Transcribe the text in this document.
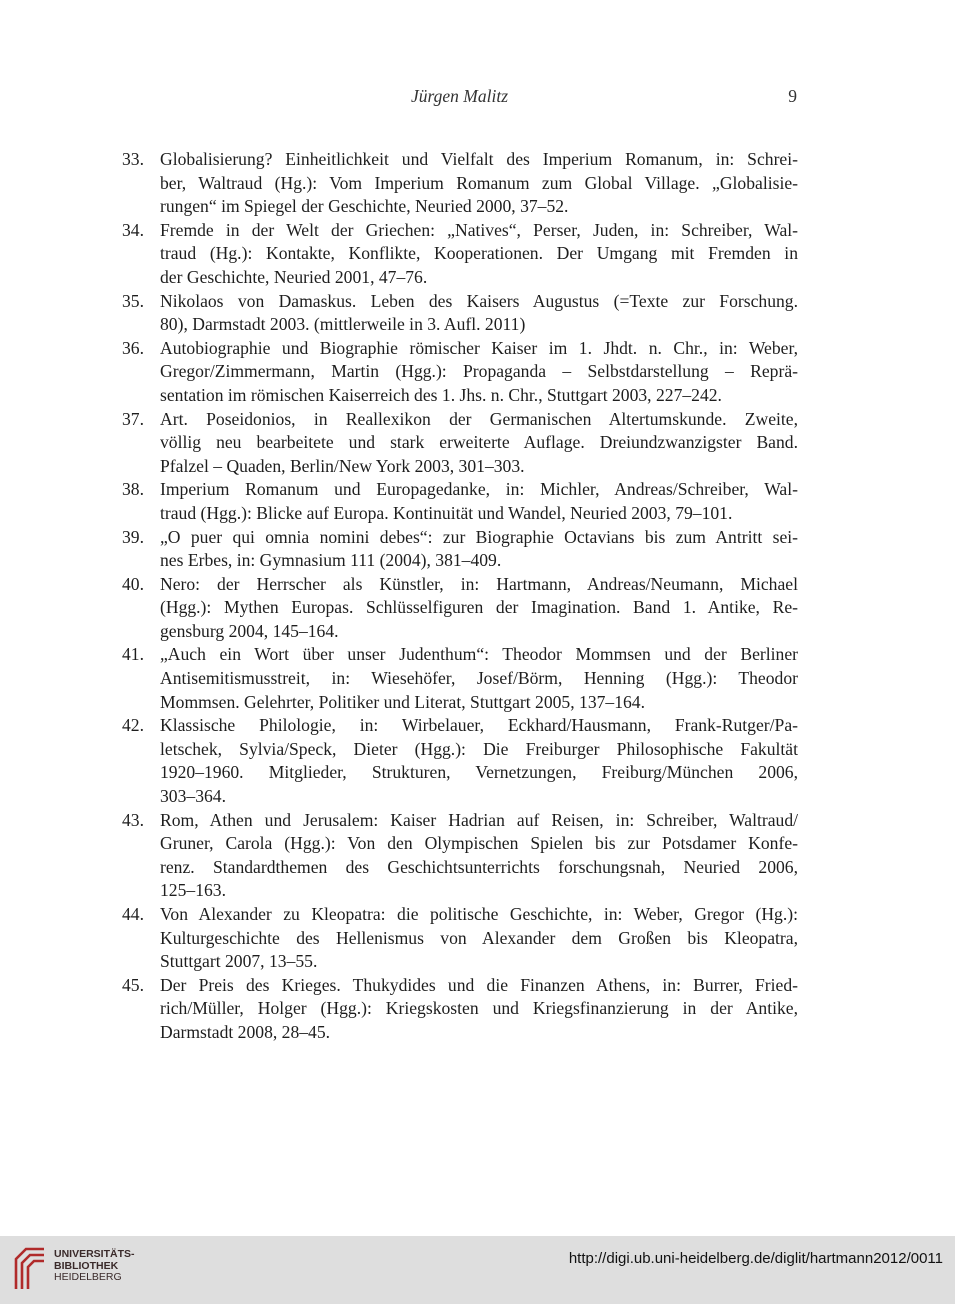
Jürgen Malitz	9
33. Globalisierung? Einheitlichkeit und Vielfalt des Imperium Romanum, in: Schrei-
ber, Waltraud (Hg.): Vom Imperium Romanum zum Global Village. „Globalisie-
rungen“ im Spiegel der Geschichte, Neuried 2000, 37–52.
34. Fremde in der Welt der Griechen: „Natives“, Perser, Juden, in: Schreiber, Wal-
traud (Hg.): Kontakte, Konflikte, Kooperationen. Der Umgang mit Fremden in
der Geschichte, Neuried 2001, 47–76.
35. Nikolaos von Damaskus. Leben des Kaisers Augustus (=Texte zur Forschung.
80), Darmstadt 2003. (mittlerweile in 3. Aufl. 2011)
36. Autobiographie und Biographie römischer Kaiser im 1. Jhdt. n. Chr., in: Weber,
Gregor/Zimmermann, Martin (Hgg.): Propaganda – Selbstdarstellung – Reprä-
sentation im römischen Kaiserreich des 1. Jhs. n. Chr., Stuttgart 2003, 227–242.
37. Art. Poseidonios, in Reallexikon der Germanischen Altertumskunde. Zweite,
völlig neu bearbeitete und stark erweiterte Auflage. Dreiundzwanzigster Band.
Pfalzel – Quaden, Berlin/New York 2003, 301–303.
38. Imperium Romanum und Europagedanke, in: Michler, Andreas/Schreiber, Wal-
traud (Hgg.): Blicke auf Europa. Kontinuität und Wandel, Neuried 2003, 79–101.
39. „O puer qui omnia nomini debes“: zur Biographie Octavians bis zum Antritt sei-
nes Erbes, in: Gymnasium 111 (2004), 381–409.
40. Nero: der Herrscher als Künstler, in: Hartmann, Andreas/Neumann, Michael
(Hgg.): Mythen Europas. Schlüsselfiguren der Imagination. Band 1. Antike, Re-
gensburg 2004, 145–164.
41. „Auch ein Wort über unser Judenthum“: Theodor Mommsen und der Berliner
Antisemitismusstreit, in: Wiesehöfer, Josef/Börm, Henning (Hgg.): Theodor
Mommsen. Gelehrter, Politiker und Literat, Stuttgart 2005, 137–164.
42. Klassische Philologie, in: Wirbelauer, Eckhard/Hausmann, Frank-Rutger/Pa-
letschek, Sylvia/Speck, Dieter (Hgg.): Die Freiburger Philosophische Fakultät
1920–1960. Mitglieder, Strukturen, Vernetzungen, Freiburg/München 2006,
303–364.
43. Rom, Athen und Jerusalem: Kaiser Hadrian auf Reisen, in: Schreiber, Waltraud/
Gruner, Carola (Hgg.): Von den Olympischen Spielen bis zur Potsdamer Konfe-
renz. Standardthemen des Geschichtsunterrichts forschungsnah, Neuried 2006,
125–163.
44. Von Alexander zu Kleopatra: die politische Geschichte, in: Weber, Gregor (Hg.):
Kulturgeschichte des Hellenismus von Alexander dem Großen bis Kleopatra,
Stuttgart 2007, 13–55.
45. Der Preis des Krieges. Thukydides und die Finanzen Athens, in: Burrer, Fried-
rich/Müller, Holger (Hgg.): Kriegskosten und Kriegsfinanzierung in der Antike,
Darmstadt 2008, 28–45.
UNIVERSITÄTS-
BIBLIOTHEK
HEIDELBERG
http://digi.ub.uni-heidelberg.de/diglit/hartmann2012/0011
